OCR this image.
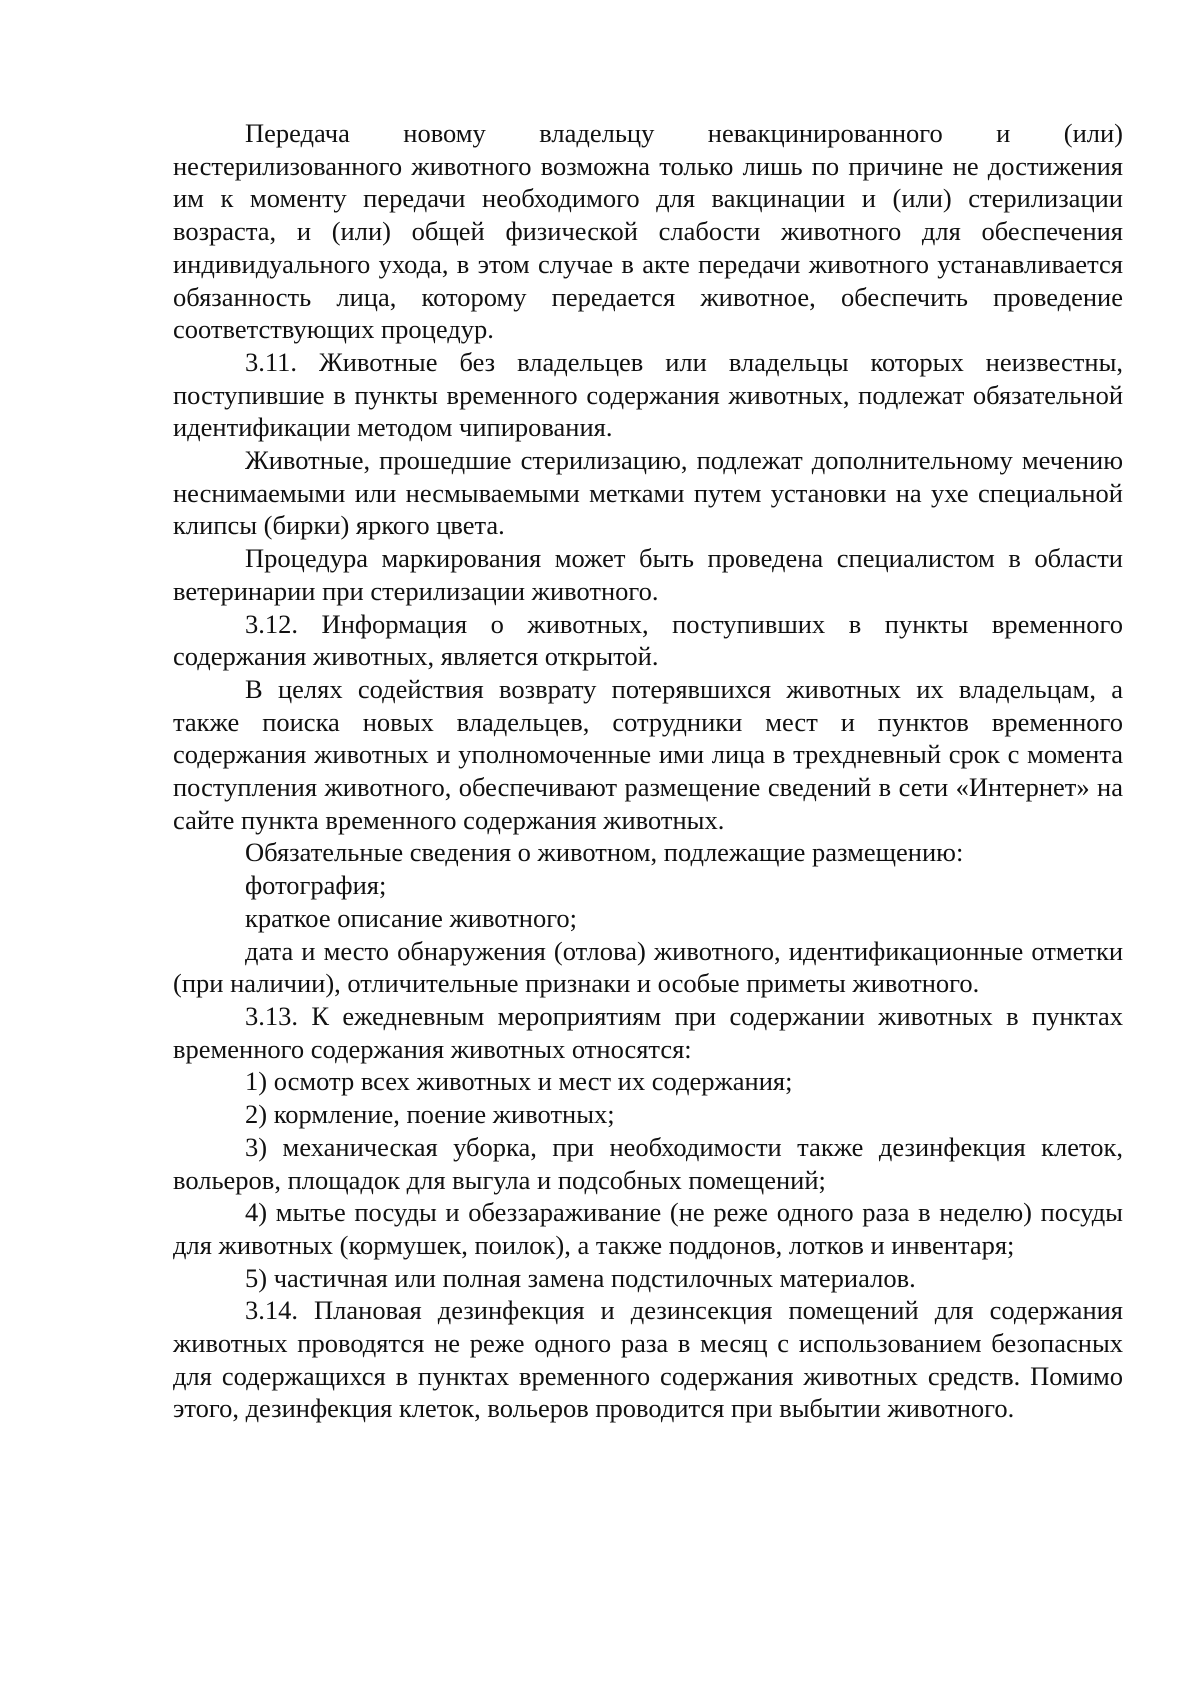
Передача новому владельцу невакцинированного и (или) нестерилизованного животного возможна только лишь по причине не достижения им к моменту передачи необходимого для вакцинации и (или) стерилизации возраста, и (или) общей физической слабости животного для обеспечения индивидуального ухода, в этом случае в акте передачи животного устанавливается обязанность лица, которому передается животное, обеспечить проведение соответствующих процедур.

3.11. Животные без владельцев или владельцы которых неизвестны, поступившие в пункты временного содержания животных, подлежат обязательной идентификации методом чипирования.

Животные, прошедшие стерилизацию, подлежат дополнительному мечению неснимаемыми или несмываемыми метками путем установки на ухе специальной клипсы (бирки) яркого цвета.

Процедура маркирования может быть проведена специалистом в области ветеринарии при стерилизации животного.

3.12. Информация о животных, поступивших в пункты временного содержания животных, является открытой.

В целях содействия возврату потерявшихся животных их владельцам, а также поиска новых владельцев, сотрудники мест и пунктов временного содержания животных и уполномоченные ими лица в трехдневный срок с момента поступления животного, обеспечивают размещение сведений в сети «Интернет» на сайте пункта временного содержания животных.

Обязательные сведения о животном, подлежащие размещению:

фотография;

краткое описание животного;

дата и место обнаружения (отлова) животного, идентификационные отметки (при наличии), отличительные признаки и особые приметы животного.

3.13. К ежедневным мероприятиям при содержании животных в пунктах временного содержания животных относятся:

1) осмотр всех животных и мест их содержания;

2) кормление, поение животных;

3) механическая уборка, при необходимости также дезинфекция клеток, вольеров, площадок для выгула и подсобных помещений;

4) мытье посуды и обеззараживание (не реже одного раза в неделю) посуды для животных (кормушек, поилок), а также поддонов, лотков и инвентаря;

5) частичная или полная замена подстилочных материалов.

3.14. Плановая дезинфекция и дезинсекция помещений для содержания животных проводятся не реже одного раза в месяц с использованием безопасных для содержащихся в пунктах временного содержания животных средств. Помимо этого, дезинфекция клеток, вольеров проводится при выбытии животного.
